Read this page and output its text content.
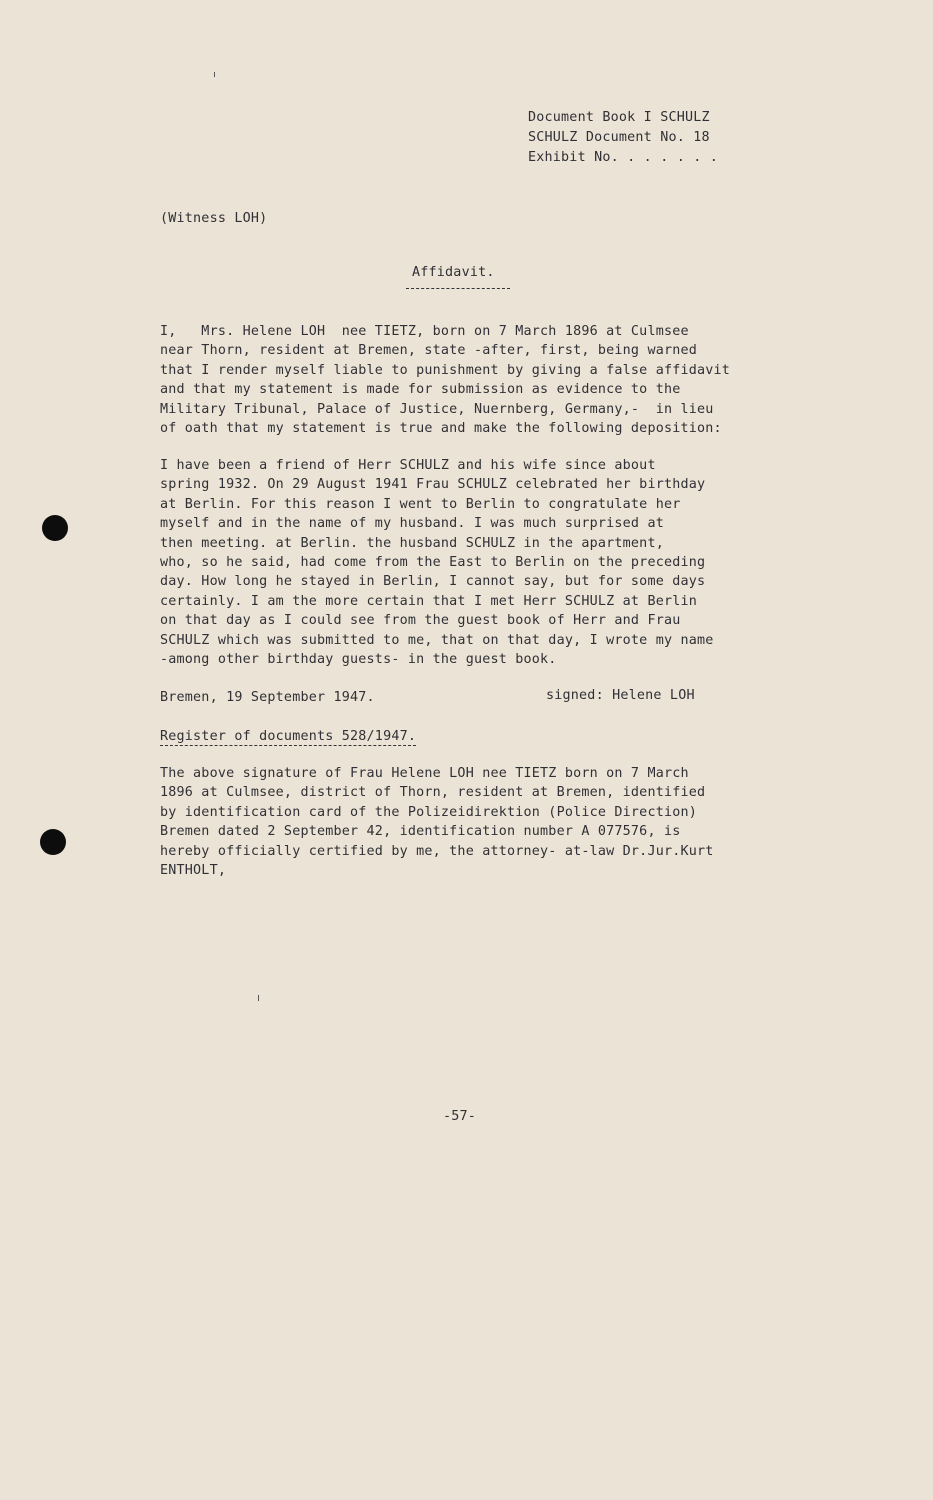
Document Book I SCHULZ
SCHULZ Document No. 18
Exhibit No. . . . . . .
(Witness LOH)
Affidavit.
I,   Mrs. Helene LOH  nee TIETZ, born on 7 March 1896 at Culmsee
near Thorn, resident at Bremen, state -after, first, being warned
that I render myself liable to punishment by giving a false affidavit
and that my statement is made for submission as evidence to the
Military Tribunal, Palace of Justice, Nuernberg, Germany,-  in lieu
of oath that my statement is true and make the following deposition:
I have been a friend of Herr SCHULZ and his wife since about
spring 1932. On 29 August 1941 Frau SCHULZ celebrated her birthday
at Berlin. For this reason I went to Berlin to congratulate her
myself and in the name of my husband. I was much surprised at
then meeting. at Berlin. the husband SCHULZ in the apartment,
who, so he said, had come from the East to Berlin on the preceding
day. How long he stayed in Berlin, I cannot say, but for some days
certainly. I am the more certain that I met Herr SCHULZ at Berlin
on that day as I could see from the guest book of Herr and Frau
SCHULZ which was submitted to me, that on that day, I wrote my name
-among other birthday guests- in the guest book.
Bremen, 19 September 1947.	signed: Helene LOH
Register of documents 528/1947.
The above signature of Frau Helene LOH nee TIETZ born on 7 March
1896 at Culmsee, district of Thorn, resident at Bremen, identified
by identification card of the Polizeidirektion (Police Direction)
Bremen dated 2 September 42, identification number A 077576, is
hereby officially certified by me, the attorney- at-law Dr.Jur.Kurt
ENTHOLT,
-57-
